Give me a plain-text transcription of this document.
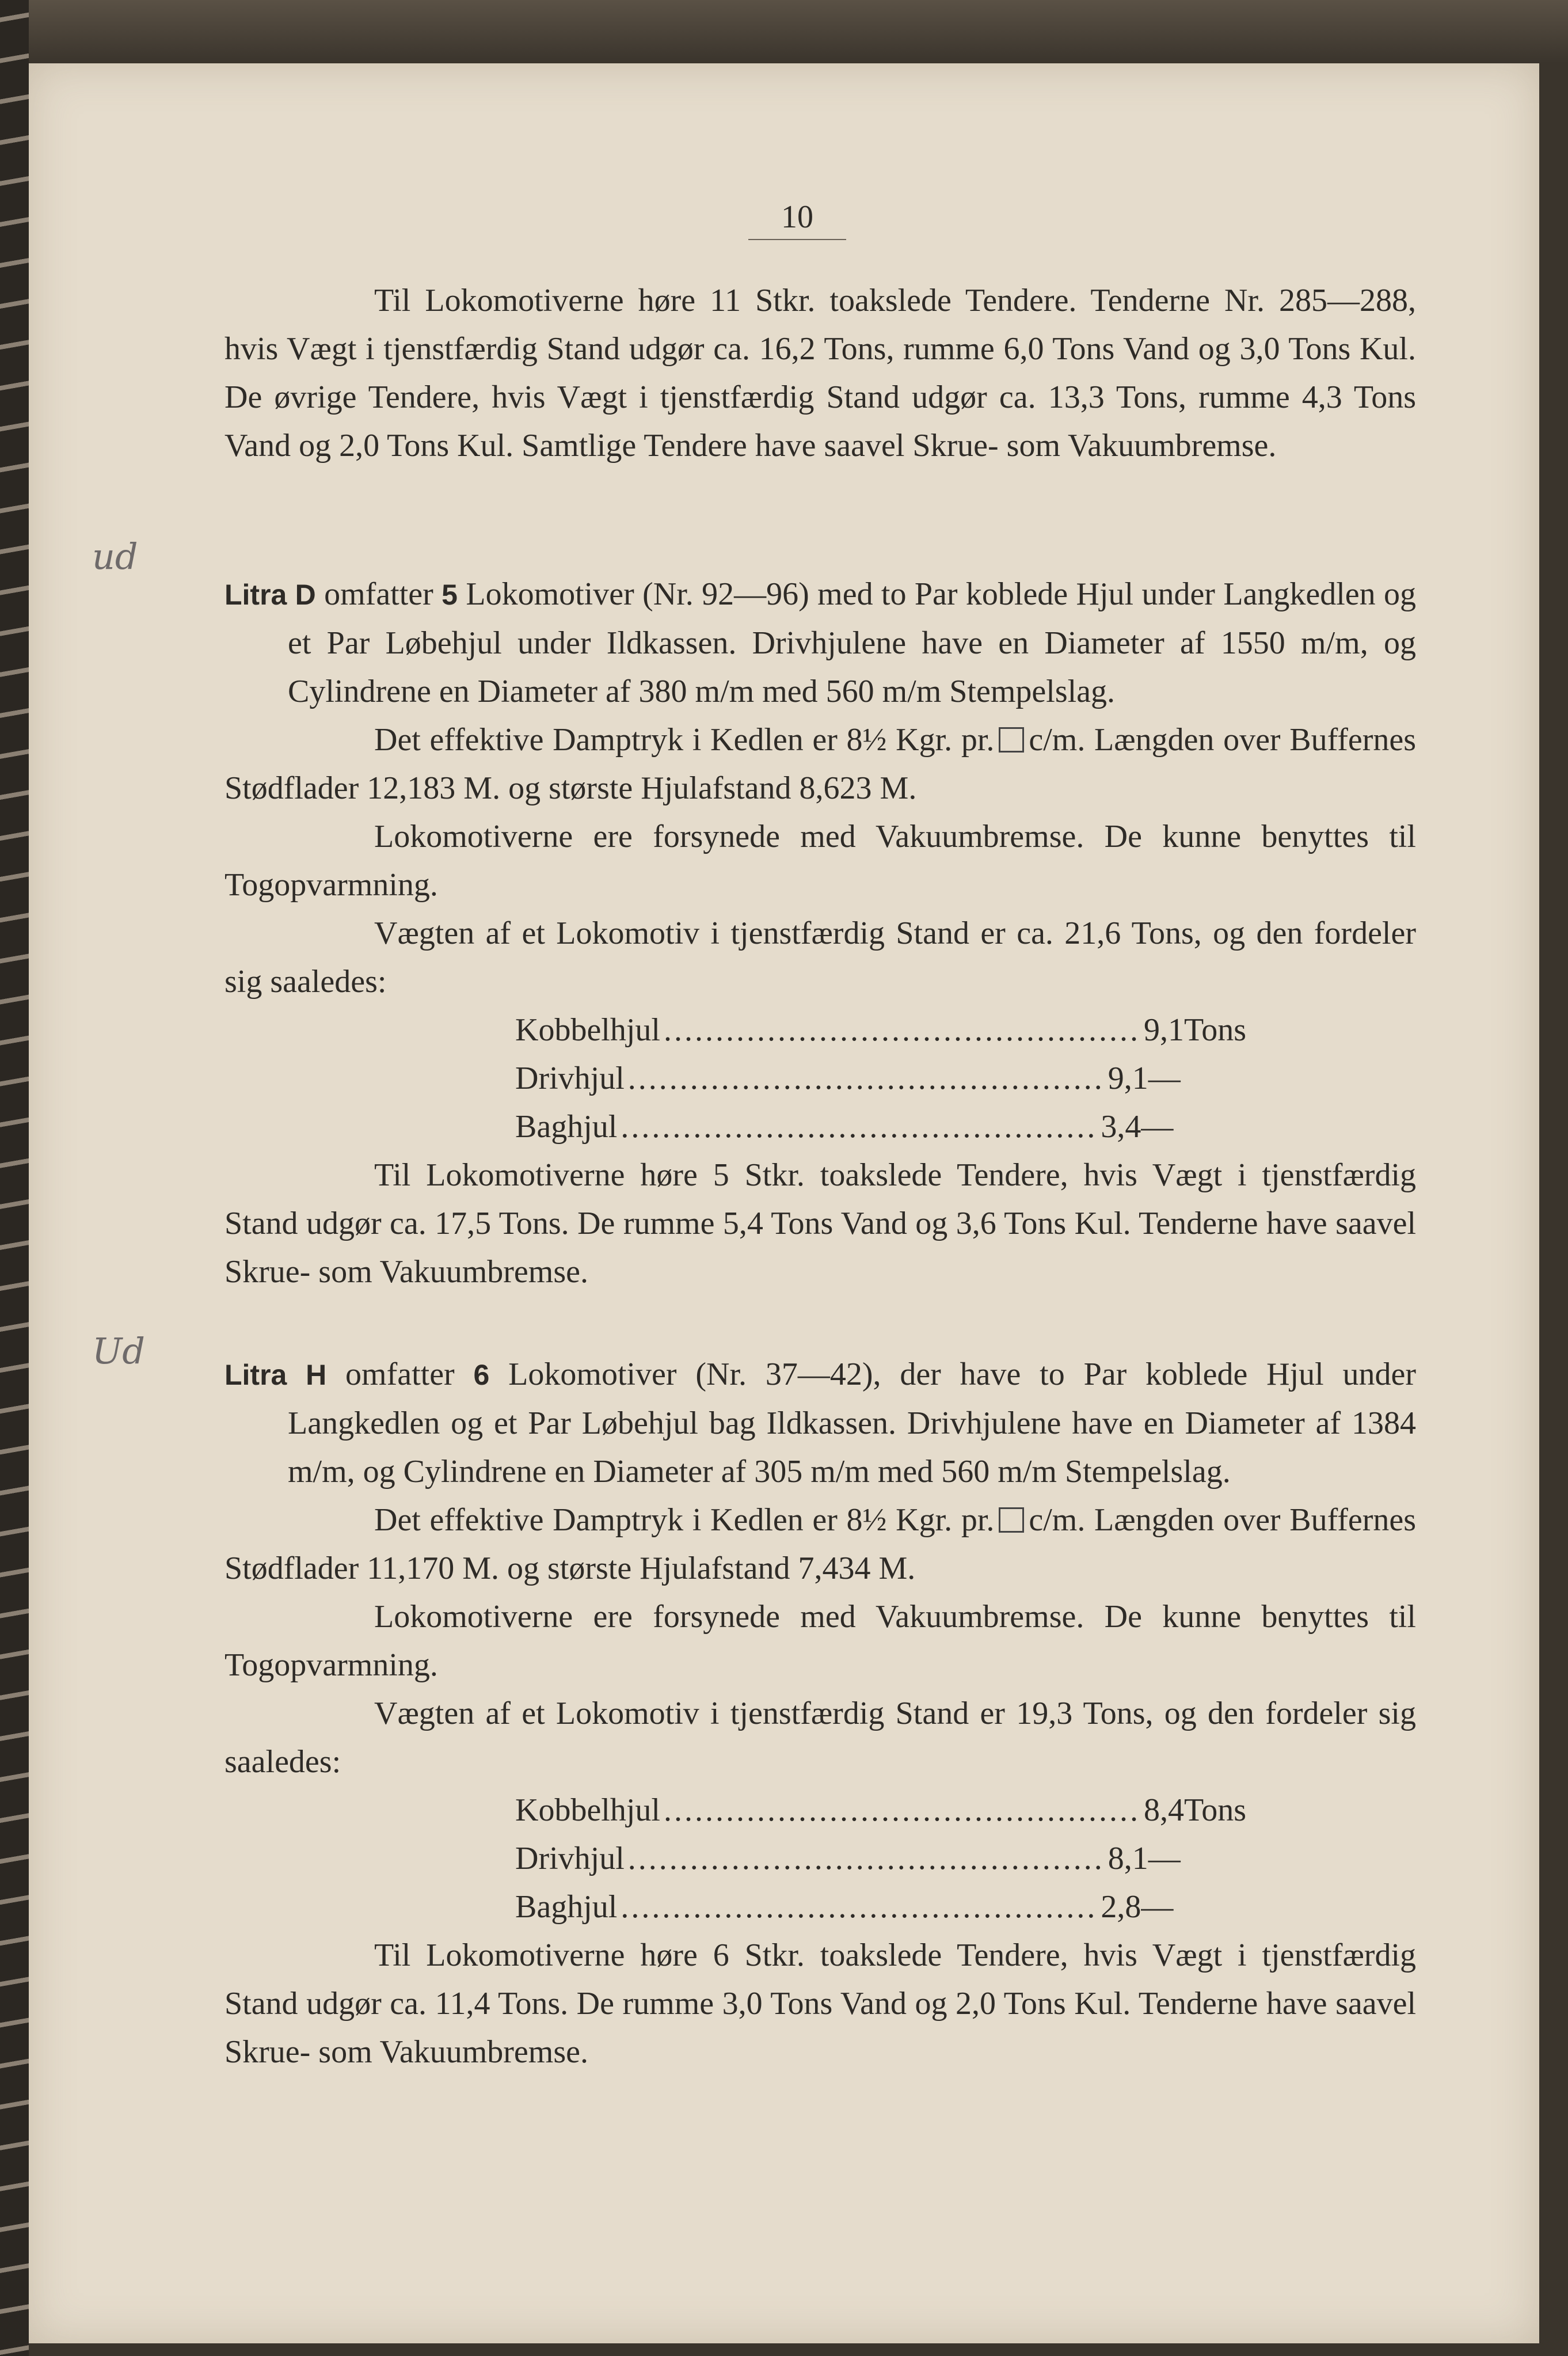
10
ud
Ud

Til Lokomotiverne høre 11 Stkr. toakslede Tendere. Tenderne Nr. 285—288, hvis Vægt i tjenstfærdig Stand udgør ca. 16,2 Tons, rumme 6,0 Tons Vand og 3,0 Tons Kul. De øvrige Tendere, hvis Vægt i tjenstfærdig Stand udgør ca. 13,3 Tons, rumme 4,3 Tons Vand og 2,0 Tons Kul. Samtlige Tendere have saavel Skrue- som Vakuumbremse.

Litra D omfatter 5 Lokomotiver (Nr. 92—96) med to Par koblede Hjul under Langkedlen og et Par Løbehjul under Ildkassen. Drivhjulene have en Diameter af 1550 m/m, og Cylindrene en Diameter af 380 m/m med 560 m/m Stempelslag.

Det effektive Damptryk i Kedlen er 8½ Kgr. pr. c/m. Længden over Buffernes Stødflader 12,183 M. og største Hjulafstand 8,623 M.

Lokomotiverne ere forsynede med Vakuumbremse. De kunne benyttes til Togopvarmning.

Vægten af et Lokomotiv i tjenstfærdig Stand er ca. 21,6 Tons, og den fordeler sig saaledes:

Kobbelhjul .............................................. 9,1 Tons
Drivhjul .............................................. 9,1 —
Baghjul .............................................. 3,4 —

Til Lokomotiverne høre 5 Stkr. toakslede Tendere, hvis Vægt i tjenstfærdig Stand udgør ca. 17,5 Tons. De rumme 5,4 Tons Vand og 3,6 Tons Kul. Tenderne have saavel Skrue- som Vakuumbremse.

Litra H omfatter 6 Lokomotiver (Nr. 37—42), der have to Par koblede Hjul under Langkedlen og et Par Løbehjul bag Ildkassen. Drivhjulene have en Diameter af 1384 m/m, og Cylindrene en Diameter af 305 m/m med 560 m/m Stempelslag.

Det effektive Damptryk i Kedlen er 8½ Kgr. pr. c/m. Længden over Buffernes Stødflader 11,170 M. og største Hjulafstand 7,434 M.

Lokomotiverne ere forsynede med Vakuumbremse. De kunne benyttes til Togopvarmning.

Vægten af et Lokomotiv i tjenstfærdig Stand er 19,3 Tons, og den fordeler sig saaledes:

Kobbelhjul .............................................. 8,4 Tons
Drivhjul .............................................. 8,1 —
Baghjul .............................................. 2,8 —

Til Lokomotiverne høre 6 Stkr. toakslede Tendere, hvis Vægt i tjenstfærdig Stand udgør ca. 11,4 Tons. De rumme 3,0 Tons Vand og 2,0 Tons Kul. Tenderne have saavel Skrue- som Vakuumbremse.
